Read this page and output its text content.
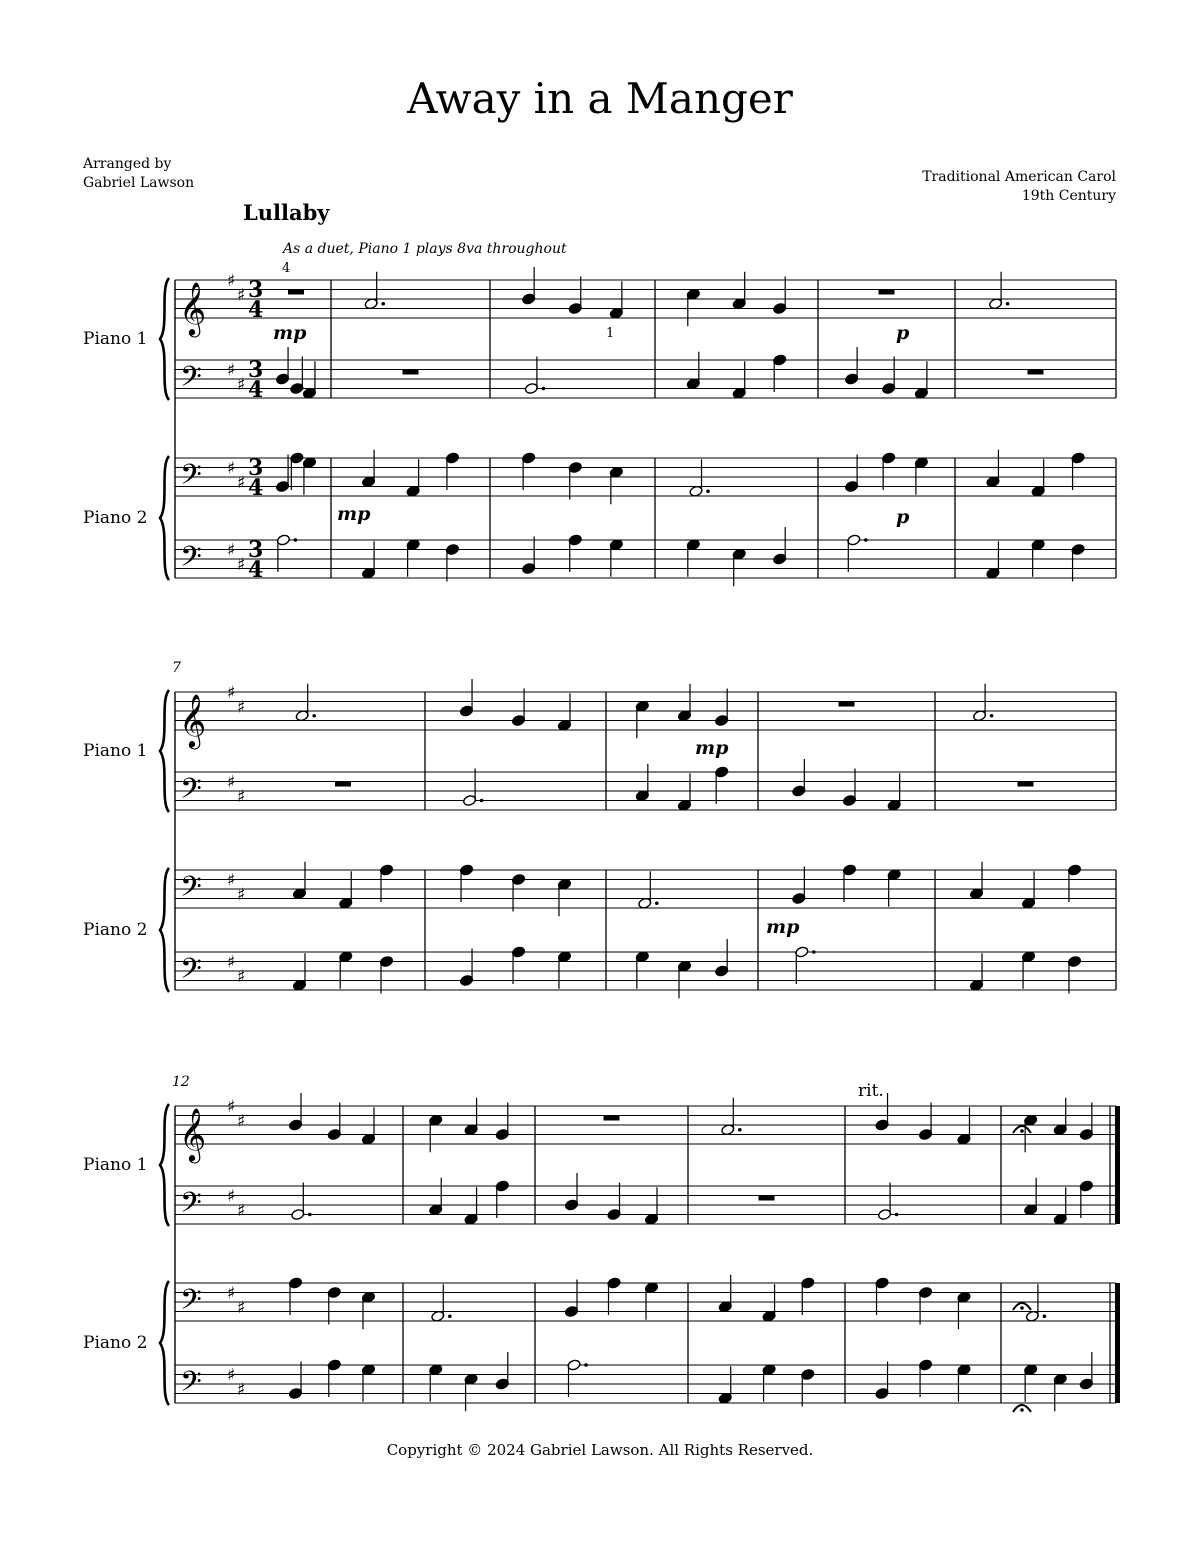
Away in a Manger
Arranged by
Gabriel Lawson	Traditional American Carol
19th Century
Lullaby
𝄞 ♯
♯
𝄢 ♯
♯
𝄢 ♯
♯
𝄢 ♯
♯
3
4
3
4
3
4
3
4
Piano 1
Piano 2
𝄞 ♯
♯
𝄢 ♯
♯
𝄢 ♯
♯
𝄢 ♯
♯
Piano 1
Piano 2
7
𝄞 ♯
♯
𝄢 ♯
♯
𝄢 ♯
♯
𝄢 ♯
♯
Piano 1
Piano 2
12
mp
mp
p
p
mp
mp
4
1
As a duet, Piano 1 plays 8va throughout
rit.
Copyright © 2024 Gabriel Lawson. All Rights Reserved.
